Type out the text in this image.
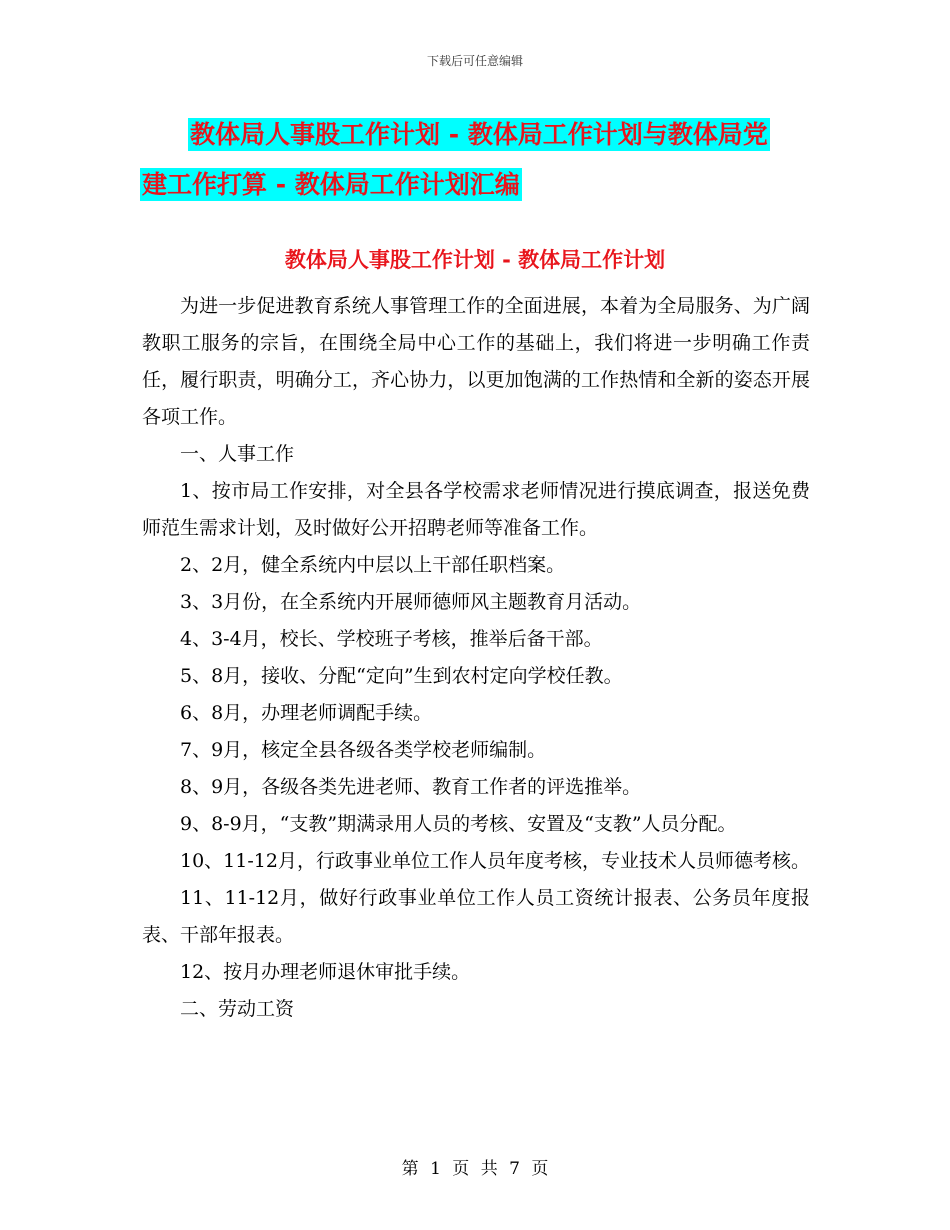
下载后可任意编辑
教体局人事股工作计划 - 教体局工作计划与教体局党
建工作打算 - 教体局工作计划汇编
教体局人事股工作计划 - 教体局工作计划

为进一步促进教育系统人事管理工作的全面进展，本着为全局服务、为广阔教职工服务的宗旨，在围绕全局中心工作的基础上，我们将进一步明确工作责任，履行职责，明确分工，齐心协力，以更加饱满的工作热情和全新的姿态开展各项工作。

一、人事工作

1、按市局工作安排，对全县各学校需求老师情况进行摸底调查，报送免费师范生需求计划，及时做好公开招聘老师等准备工作。

2、2月，健全系统内中层以上干部任职档案。

3、3月份，在全系统内开展师德师风主题教育月活动。

4、3-4月，校长、学校班子考核，推举后备干部。

5、8月，接收、分配“定向”生到农村定向学校任教。

6、8月，办理老师调配手续。

7、9月，核定全县各级各类学校老师编制。

8、9月，各级各类先进老师、教育工作者的评选推举。

9、8-9月，“支教”期满录用人员的考核、安置及“支教”人员分配。

10、11-12月，行政事业单位工作人员年度考核，专业技术人员师德考核。

11、11-12月，做好行政事业单位工作人员工资统计报表、公务员年度报表、干部年报表。

12、按月办理老师退休审批手续。

二、劳动工资

第 1 页 共 7 页
